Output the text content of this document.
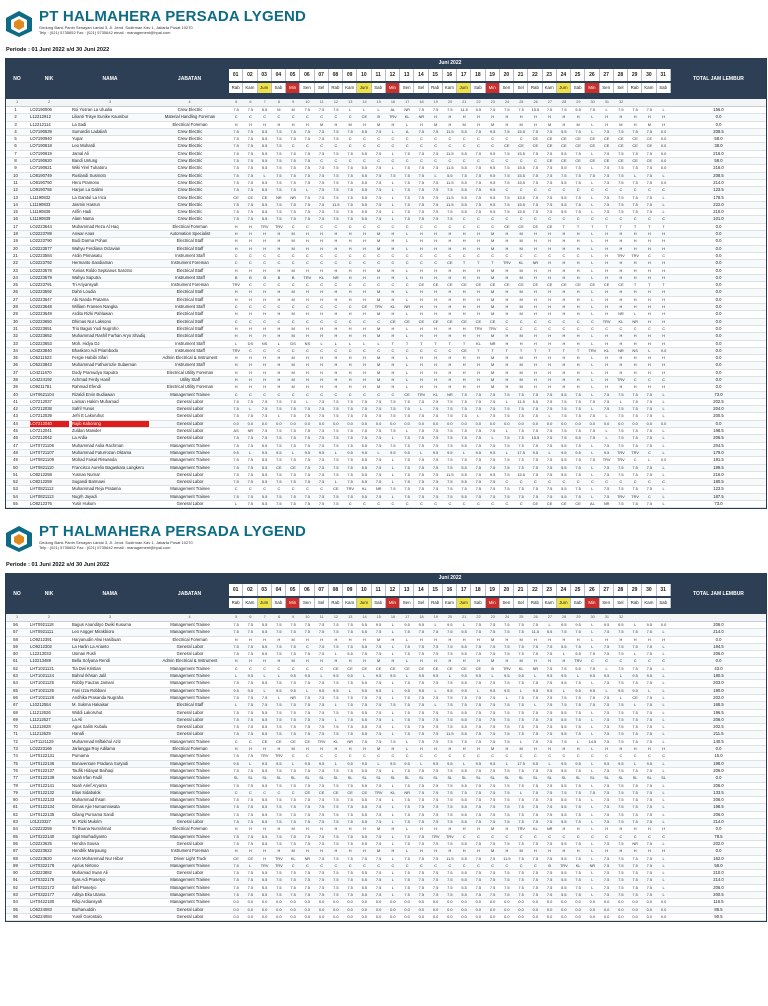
PT HALMAHERA PERSADA LYGEND
Gedung Bank Panin Senayan Lantai 3, Jl. Jend. Sudirman Kav 1, Jakarta Pusat 10270
Telp : (021) 5735652 Fax : (021) 5735642 email : management@hpal.com
Periode : 01 Juni 2022 s/d 30 Juni 2022
NO	NIK	NAMA	JABATAN
Juni 2022
01	02	03	04	05	06	07	08	09	10	11	12	13	14	15	16	17	18	19	20	21	22	23	24	25	26	27	28	29	30	31
Rab	Kam	Jum	Sab	Min	Sen	Sel	Rab	Kam	Jum	Sab	Min	Sen	Sel	Rab	Kam	Jum	Sab	Min	Sen	Sel	Rab	Kam	Jum	Sab	Min	Sen	Sel	Rab	Kam	Sab
TOTAL JAM LEMBUR
1	2	3	4	5	6	7	8	9	10	11	12	13	14	15	16	17	18	19	20	21	22	23	24	25	26	27	28	29	30	31	32
1	LO2190006	Roi Yusran La Ulualia	Crew Electric	7.5	7.5	5.5	M	M	7.5	7.5	7.5	L	L	L	AL	NR	7.5	7.5	7.5	11.5	5.5	7.5	7.5	7.5	15.5	7.5	7.5	5.5	7.5	L	7.5	7.5	7.5	L	156.0
2	L12212912	Lilianti Trisye Eunike Kaumbur	Material Handling Foreman	C	C	C	C	C	C	C	C	C	CE	B	TRV	KL	NR	H	H	H	H	H	H	H	H	H	H	H	L	H	H	H	H	H	0.0
3	L12212114	La Sadi	Electrical Foreman	H	H	H	H	H	H	M	H	M	H	M	H	L	H	M	H	M	H	M	H	M	H	M	H	M	L	H	M	H	M	H	0.0
4	LO7190539	Sumardin Ladaliah	Crew Electric	7.5	7.5	5.5	7.5	7.5	7.5	7.5	7.5	7.5	5.5	7.5	L	A	7.5	7.5	11.5	5.5	7.5	9.5	7.5	15.5	7.5	7.5	5.5	7.5	L	7.5	7.5	7.5	7.5	0.0	208.5
5	LO7190940	Yupar	Crew Electric	7.5	7.5	5.5	7.5	7.5	7.5	7.5	7.5	C	C	C	C	C	C	C	C	C	C	C	C	C	CE	CE	CE	CE	CE	CE	CE	CE	CE	0.0	58.0
6	LO7190618	Leo Muhardi	Crew Electric	7.5	7.5	5.5	7.5	C	C	C	C	C	C	C	C	C	C	C	C	C	C	C	CE	CE	CE	CE	CE	CE	CE	CE	CE	CE	CE	0.0	38.0
7	LO7190619	Jamal Ali	Crew Electric	7.5	7.5	5.5	7.5	7.5	7.5	7.5	7.5	7.5	5.5	7.5	L	7.5	7.5	7.5	11.5	5.5	7.5	9.5	7.5	15.5	7.5	7.5	5.5	7.5	L	7.5	7.5	7.5	7.5	0.0	216.0
8	LO7190620	Bandi Untung	Crew Electric	7.5	7.5	5.5	7.5	7.5	7.5	C	C	C	C	C	C	C	C	C	C	C	C	C	C	C	C	CE	CE	CE	CE	CE	CE	CE	CE	0.0	58.0
9	LO7190621	Wiki Yirel Tuhatoru	Crew Electric	7.5	7.5	5.5	7.5	7.5	7.5	7.5	7.5	7.5	5.5	7.5	L	7.5	7.5	7.5	11.5	5.5	7.5	9.5	7.5	15.5	7.5	7.5	5.5	7.5	L	7.5	7.5	7.5	7.5	0.0	216.0
10	LO8190749	Ruslandi Susmoto	Crew Electric	7.5	7.5	L	7.5	7.5	7.5	7.5	7.5	7.5	5.5	7.5	7.5	7.5	7.5	L	5.5	7.5	7.5	9.5	7.5	15.5	7.5	7.5	7.5	7.5	7.5	7.5	7.5	L	7.5	L	208.5
11	LO8190750	Heru Pramono	Crew Electric	7.5	7.5	5.5	7.5	7.5	7.5	7.5	7.5	7.5	5.5	7.5	L	7.5	7.5	7.5	11.5	5.5	7.5	9.5	7.5	15.5	7.5	7.5	5.5	7.5	L	7.5	7.5	7.5	7.5	0.0	214.0
12	LO8190755	Harjun La Dalimi	Crew Electric	7.5	7.5	5.5	7.5	7.5	L	7.5	7.5	7.5	5.5	7.5	L	7.5	7.5	7.5	7.5	5.5	7.5	9.5	C	C	C	C	C	C	C	C	C	C	C	C	123.5
13	L11190832	La Gamtul La Inca	Crew Electric	CE	CE	CE	NR	NR	7.5	7.5	7.5	7.5	5.5	7.5	L	7.5	7.5	7.5	11.5	5.5	7.5	9.5	7.5	15.5	7.5	7.5	5.5	7.5	L	7.5	7.5	7.5	7.5	L	178.5
14	L11190833	Jasmin Hasrun	Crew Electric	7.5	7.5	5.5	7.5	7.5	7.5	7.5	11.5	7.5	5.5	7.5	L	7.5	7.5	7.5	11.5	5.5	7.5	9.5	7.5	15.5	7.5	7.5	5.5	7.5	L	7.5	7.5	7.5	7.5	L	222.0
15	L11190836	Arifin Hadi	Crew Electric	7.5	7.5	5.5	7.5	7.5	7.5	7.5	7.5	7.5	5.5	7.5	L	7.5	7.5	7.5	7.5	5.5	7.5	9.5	7.5	15.5	7.5	7.5	5.5	7.5	L	7.5	7.5	7.5	7.5	L	210.0
16	L11190839	Alam Nama	Crew Electric	7.5	7.5	5.5	7.5	7.5	7.5	7.5	7.5	7.5	5.5	7.5	L	7.5	7.5	7.5	7.5	C	C	C	C	C	C	C	C	C	C	C	C	C	C	C	101.0
17	LO2223644	Muhammad Reza Al Haq	Electrical Foreman	H	H	TRV	TRV	C	C	C	C	C	C	C	C	C	C	C	C	C	C	C	CE	CE	CE	CE	T	T	T	T	T	T	T	T	0.0
18	LO2223789	Anwar Anas	Automation Specialist	H	H	H	H	M	H	H	H	H	H	M	H	L	H	H	H	H	H	M	H	M	H	H	H	H	L	H	H	H	H	H	0.0
19	LO2223790	Budi Darma Pohan	Electrical Staff	H	H	H	H	M	H	H	H	H	H	M	H	L	H	H	H	H	H	M	H	M	H	H	H	H	L	H	H	H	H	H	0.0
20	LO2223577	Wahyu Ferdiana Octavian	Electrical Staff	H	H	H	H	M	H	H	H	H	H	M	H	L	H	H	H	H	H	M	H	M	H	H	H	H	L	H	H	H	H	H	0.0
21	LO2223584	Ardin Primasatu	Instrument Staff	C	C	C	C	C	C	C	C	C	C	C	C	C	C	C	C	C	C	C	C	C	C	C	C	C	L	H	TRV	TRV	C	C	0.0
22	LO2223792	Hermanto Sandiaman	Instrument Foreman	C	C	C	C	C	C	C	C	C	C	C	C	C	C	C	CE	T	T	T	TRV	KL	NR	H	H	H	L	H	H	H	H	H	0.0
23	LO2223578	Yunias Roldo Septianus Sarotno	Electrical Staff	H	H	H	H	M	H	H	H	H	H	M	H	L	H	H	H	H	H	M	H	M	H	H	H	H	L	H	H	H	H	H	0.0
24	LO2223579	Wahyu Saputra	Instrument Staff	B	B	B	B	B	TRV	KL	NR	H	H	H	H	L	H	H	H	H	H	M	H	M	H	H	H	H	L	H	H	H	H	H	0.0
25	LO2223791	Tri Ariyansyah	Instrument Foreman	TRV	C	C	C	C	C	C	C	C	C	C	C	C	CE	CE	CE	CE	CE	CE	CE	CE	CE	CE	CE	CE	CE	CE	CE	T	T	T	0.0
26	LO2223592	Dahri Loudia	Electrical Staff	H	H	H	H	M	H	H	H	H	H	M	H	L	H	H	H	H	H	M	H	M	H	H	H	H	L	H	H	H	H	H	0.0
27	LO2223647	Abi Nanda Pratama	Electrical Staff	H	H	H	H	M	H	H	H	H	H	M	H	L	H	H	H	H	H	M	H	M	H	H	H	H	L	H	H	H	H	H	0.0
28	LO2223648	William Fransen Nangka	Instrument Staff	C	C	C	C	C	C	C	C	C	CE	TRV	KL	NR	H	H	H	H	H	M	H	M	H	H	H	H	L	H	H	H	H	H	0.0
29	LO2223649	Ardita Rizki Pahlawan	Electrical Staff	H	H	H	H	M	H	H	H	H	H	M	H	L	H	H	H	H	H	M	H	M	H	H	H	H	L	H	NR	L	H	H	0.0
30	LO2223650	Dhimas Nur Laksono	Electrical Staff	C	C	C	C	C	C	C	C	C	C	C	CE	CE	CE	CE	CE	CE	CE	CE	C	C	C	C	C	C	C	TRV	KL	NR	H	H	0.0
31	LO2223651	Trio Bagus Yudi Nugroho	Electrical Staff	H	H	H	H	M	H	H	H	H	H	M	H	L	H	H	H	H	TRV	TRV	C	C	C	C	C	C	C	C	C	C	C	C	0.0
32	LO2223652	Muhammad Rashif Farhan Aryo Shadiq	Electrical Staff	H	H	H	H	M	H	H	H	H	H	M	H	L	H	H	H	H	H	M	H	M	H	H	H	H	L	H	H	H	H	H	0.0
33	LO2223653	Moh. Hidya DJ	Instrument Staff	L	DS	NS	L	DS	NS	L	L	L	L	L	T	T	T	T	T	T	KL	NR	H	H	H	H	H	H	L	H	H	H	H	H	0.0
34	LO4223840	Bhaskoro Adi Priambodo	Instrument Staff	TRV	C	C	C	C	C	C	C	C	C	C	C	C	C	C	C	CE	T	T	T	T	T	T	T	T	TRV	KL	NR	NS	L	0.0	0.0
35	LO5211523	Fergie Habibi Sifari	Admin Electrical & Instrument	H	H	H	H	M	H	H	H	H	H	M	H	L	H	H	H	H	H	M	H	M	H	H	H	H	L	H	H	H	H	H	0.0
36	LO5223843	Muhammad Fathurrozie Sulaeman	Instrument Staff	H	H	H	H	M	H	H	H	H	H	M	H	L	H	H	H	H	H	M	H	M	H	H	H	H	L	H	H	H	H	H	0.0
37	LO4211670	Dody Pramudya Saputra	Electrical Utility Foreman	H	H	H	H	M	H	H	H	H	H	M	H	L	H	H	H	H	H	M	H	M	H	H	H	H	L	H	H	H	H	H	0.0
38	LO4224192	Achmad Ferdy Hanif	Utility Staff	H	H	H	H	M	H	H	H	H	H	M	H	L	H	H	H	H	H	M	H	M	H	H	H	H	L	H	TRV	C	C	C	0.0
39	LO9211781	Rahmad Efendi	Electrical Utility Foreman	H	H	H	H	M	H	H	H	H	H	M	H	L	H	H	H	H	H	M	H	M	H	H	H	H	L	H	H	H	H	H	0.0
40	LHT0621104	Rizaldi Ervin Budiawan	Management Trainee	C	C	C	C	C	C	C	C	C	C	C	C	CE	TRV	KL	NR	7.5	7.5	7.5	7.5	7.5	7.5	7.5	5.5	7.5	L	7.5	7.5	7.5	7.5	L	73.0
41	LO7212037	Laiman Hakim Muhamad	General Labor	7.5	7.5	7.5	7.5	7.5	L	7.5	7.5	7.5	7.5	7.5	7.5	7.5	7.5	7.5	7.5	7.5	7.5	7.5	L	11.5	5.5	7.5	7.5	7.5	7.5	7.5	L	7.5	7.5	L	202.5
42	LO7212038	Safril Yunus	General Labor	7.5	L	7.5	7.5	7.5	7.5	7.5	7.5	7.5	7.5	7.5	7.5	7.5	L	7.5	7.5	7.5	7.5	7.5	7.5	7.5	7.5	7.5	7.5	7.5	L	7.5	7.5	7.5	7.5	L	204.0
43	LO7212039	Jefri E Lakoruhut	General Labor	7.5	7.5	7.5	L	7.5	7.5	7.5	7.5	7.5	7.5	7.5	7.5	7.5	7.5	7.5	7.5	7.5	L	7.5	7.5	7.5	7.5	L	7.5	7.5	7.5	L	7.5	7.5	7.5	L	200.5
44	LO7212040	Rajib Kaborang	General Labor	0.0	0.0	0.0	0.0	0.0	0.0	0.0	0.0	0.0	0.0	0.0	0.0	0.0	0.0	0.0	0.0	0.0	0.0	0.0	0.0	0.0	0.0	0.0	0.0	0.0	0.0	0.0	0.0	0.0	0.0	0.0	0.0
45	LO7212041	Zuldan Manider	General Labor	AS	NR	7.5	7.5	7.5	7.5	7.5	7.5	7.5	7.5	7.5	7.5	L	7.5	7.5	7.5	7.5	7.5	7.5	L	7.5	7.5	7.5	7.5	7.5	7.5	L	7.5	7.5	7.5	L	198.5
46	LO7212042	La Ardia	General Labor	7.5	7.5	7.5	7.5	7.5	7.5	7.5	7.5	7.5	7.5	7.5	L	7.5	7.5	7.5	7.5	7.5	7.5	L	7.5	7.5	15.5	7.5	7.5	5.5	7.5	L	7.5	7.5	7.5	L	206.5
47	LHT0721106	Muhammad Aulia Rachman	Management Trainee	7.5	7.5	5.5	7.5	7.5	7.5	7.5	7.5	7.5	5.5	7.5	7.5	7.5	7.5	7.5	7.5	5.5	7.5	7.5	7.5	7.5	7.5	7.5	5.5	7.5	L	7.5	7.5	7.5	7.5	L	204.5
48	LHT0721107	Muhammad Faturrozan Oktama	Management Trainee	9.5	L	9.5	9.5	L	9.5	9.5	L	9.5	9.5	L	9.5	9.5	L	9.5	9.5	L	9.5	9.5	L	17.5	9.5	L	9.5	9.5	L	9.5	TRV	TRV	C	L	179.0
49	LHT0821109	Mohad Faisal Riswanda	Management Trainee	7.5	7.5	5.5	7.5	7.5	7.5	7.5	7.5	7.5	5.5	7.5	L	7.5	7.5	7.5	7.5	7.5	7.5	7.5	7.5	7.5	7.5	7.5	5.5	7.5	7.5	TRV	TRV	C	L	0.0	191.5
50	LHT0821110	Francisco Aurelio Bagaskara Langkeru	Management Trainee	7.5	7.5	5.5	CE	CE	7.5	7.5	7.5	7.5	5.5	7.5	L	7.5	7.5	7.5	7.5	5.5	7.5	7.5	7.5	7.5	7.5	7.5	5.5	7.5	L	7.5	7.5	7.5	7.5	L	199.5
51	LO8212258	Yusnan Nurnar	General Labor	7.5	7.5	5.5	7.5	7.5	7.5	7.5	7.5	7.5	5.5	7.5	L	7.5	7.5	7.5	11.5	5.5	7.5	9.5	7.5	15.5	7.5	7.5	5.5	7.5	L	7.5	7.5	7.5	7.5	L	216.0
52	LO8212259	Sugandi Barmawi	General Labor	7.5	7.5	5.5	7.5	7.5	7.5	7.5	L	7.5	5.5	7.5	L	7.5	7.5	7.5	7.5	5.5	7.5	7.5	C	C	C	C	C	C	C	C	C	C	C	C	180.5
53	LHT0821112	Muhammad Reja Pratama	Management Trainee	C	C	C	C	C	C	C	CE	TRV	KL	NR	7.5	7.5	7.5	7.5	7.5	7.5	7.5	7.5	7.5	7.5	7.5	7.5	5.5	7.5	L	7.5	7.5	7.5	7.5	L	123.5
54	LHT0821113	Nugrh Jayadi	Management Trainee	7.5	7.5	5.5	7.5	7.5	7.5	7.5	7.5	7.5	5.5	7.5	L	7.5	7.5	7.5	7.5	5.5	7.5	7.5	7.5	7.5	7.5	7.5	5.5	7.5	L	7.5	TRV	TRV	C	L	187.5
55	LO8212376	Yusir Hukum	General Labor	L	7.5	5.5	7.5	7.5	7.5	7.5	7.5	C	C	C	C	C	C	C	C	C	C	C	C	C	CE	CE	CE	CE	AL	NR	7.5	7.5	7.5	L	73.0
PT HALMAHERA PERSADA LYGEND
Gedung Bank Panin Senayan Lantai 3, Jl. Jend. Sudirman Kav 1, Jakarta Pusat 10270
Telp : (021) 5735652 Fax : (021) 5735642 email : management@hpal.com
Periode : 01 Juni 2022 s/d 30 Juni 2022
NO	NIK	NAMA	JABATAN
Juni 2022
01	02	03	04	05	06	07	08	09	10	11	12	13	14	15	16	17	18	19	20	21	22	23	24	25	26	27	28	29	30	31
Rab	Kam	Jum	Sab	Min	Sen	Sel	Rab	Kam	Jum	Sab	Min	Sen	Sel	Rab	Kam	Jum	Sab	Min	Sen	Sel	Rab	Kam	Jum	Sab	Min	Sen	Sel	Rab	Kam	Sab
TOTAL JAM LEMBUR
1	2	3	4	5	6	7	8	9	10	11	12	13	14	15	16	17	18	19	20	21	22	23	24	25	26	27	28	29	30	31	32
56	LHT0921118	Bagus Anandityo Dwiki Kusuma	Management Trainee	7.5	7.5	5.5	7.5	7.5	7.5	7.5	7.5	7.5	5.5	9.5	L	9.5	9.5	L	9.5	L	7.5	7.5	7.5	7.5	7.5	L	9.5	9.5	L	9.5	9.5	L	9.5	0.0	206.0
57	LHT0921111	Leo Angger Mirakbiora	Management Trainee	7.5	7.5	5.5	7.5	7.5	7.5	7.5	7.5	7.5	5.5	7.5	L	7.5	7.5	7.5	7.5	5.5	7.5	7.5	7.5	7.5	11.5	5.5	7.5	7.5	L	7.5	7.5	7.5	7.5	L	214.0
58	LO9212391	Haryanudin Alwi Hasibuan	Electrical Foreman	H	H	H	H	M	H	H	H	H	H	M	H	L	H	H	H	H	H	M	H	M	H	H	H	H	L	H	H	H	H	H	0.0
59	LO9212302	La Harlin La Arianto	General Labor	7.5	7.5	5.5	7.5	7.5	C	7.5	7.5	7.5	5.5	7.5	L	7.5	7.5	7.5	7.5	5.5	7.5	7.5	7.5	7.5	7.5	7.5	5.5	7.5	L	7.5	7.5	7.5	7.5	L	194.5
60	L12213033	Usman Rusli	General Labor	7.5	7.5	5.5	7.5	7.5	7.5	7.5	L	5.5	7.5	7.5	L	7.5	7.5	7.5	7.5	5.5	7.5	7.5	7.5	7.5	7.5	7.5	L	5.5	7.5	7.5	7.5	L	7.5	L	206.0
61	L10213489	Bella Sofyana Rendi	Admin Electrical & Instrument	H	H	H	H	M	H	H	H	H	H	M	H	L	H	H	H	H	H	M	H	M	H	H	H	TRV	C	C	C	C	C	C	0.0
62	LHT1021121	Tia Dwi Kristian	Management Trainee	C	C	C	C	C	C	C	CE	CE	CE	CE	CE	CE	CE	CE	CE	CE	CE	B	TRV	KL	NR	7.5	7.5	5.5	7.5	L	7.5	7.5	7.5	L	43.0
63	LHT1021124	Bahrul Ikhsan Jalil	Management Trainee	L	9.5	L	L	9.5	9.5	L	9.5	9.5	L	9.5	9.5	L	9.5	9.5	L	9.5	9.5	L	9.5	9.5	L	9.5	9.5	L	9.5	9.5	L	9.5	9.5	L	180.5
64	LHT1021125	Robby Fauzan Jamani	Management Trainee	7.5	7.5	5.5	7.5	7.5	7.5	7.5	7.5	7.5	5.5	7.5	L	7.5	7.5	7.5	7.5	5.5	7.5	7.5	7.5	7.5	7.5	7.5	5.5	7.5	L	7.5	7.5	7.5	7.5	L	203.0
65	LHT1021126	Fani Izza Robbani	Management Trainee	9.5	9.5	L	9.5	9.5	L	9.5	9.5	L	9.5	9.5	L	9.5	9.5	L	9.5	9.5	L	9.5	9.5	L	9.5	9.5	L	9.5	9.5	L	9.5	9.5	L	L	190.0
66	LHT1021128	Andhika Prasanda Nugraha	Management Trainee	7.5	7.5	7.5	L	NR	7.5	7.5	7.5	7.5	7.5	7.5	L	7.5	7.5	7.5	7.5	7.5	7.5	7.5	L	7.5	7.5	7.5	7.5	7.5	7.5	7.5	L	CE	7.5	L	202.0
67	L10212554	M. Sukma Hakaisar	Electrical Staff	L	7.5	7.5	7.5	7.5	7.5	7.5	L	7.5	7.5	7.5	7.5	7.5	7.5	L	7.5	7.5	7.5	7.5	7.5	7.5	L	7.5	7.5	7.5	7.5	7.5	7.5	L	7.5	L	168.5
68	L11212626	Widdi Lakoruhut	General Labor	7.5	7.5	5.5	7.5	7.5	7.5	7.5	7.5	7.5	5.5	7.5	L	7.5	7.5	7.5	7.5	5.5	7.5	7.5	7.5	7.5	7.5	7.5	5.5	7.5	L	7.5	7.5	7.5	7.5	L	196.5
69	L11212627	La Ali	General Labor	7.5	7.5	5.5	7.5	7.5	7.5	7.5	L	7.5	5.5	7.5	L	7.5	7.5	7.5	7.5	5.5	7.5	7.5	7.5	7.5	7.5	7.5	5.5	7.5	L	7.5	7.5	7.5	7.5	L	206.0
70	L11212628	Agus Salim Kubalu	General Labor	7.5	7.5	5.5	7.5	7.5	7.5	7.5	7.5	7.5	5.5	7.5	L	7.5	7.5	7.5	7.5	5.5	7.5	7.5	7.5	7.5	7.5	7.5	5.5	7.5	L	7.5	7.5	7.5	7.5	L	202.5
71	L11212629	Hanafi	General Labor	7.5	7.5	5.5	7.5	7.5	7.5	7.5	7.5	7.5	5.5	7.5	L	7.5	7.5	7.5	11.5	5.5	7.5	7.5	7.5	7.5	7.5	7.5	5.5	7.5	L	7.5	7.5	7.5	7.5	L	211.5
72	LHT1121129	Muhammad Miftakhul Aziz	Management Trainee	C	C	CE	CE	CE	CE	TRV	KL	NR	7.5	7.5	7.5	L	7.5	7.5	7.5	7.5	7.5	7.5	7.5	L	7.5	7.5	7.5	L	14.5	7.5	7.5	7.5	7.5	L	140.5
73	LO2223166	Jarlangga Roy Adilama	Electrical Foreman	H	H	H	H	M	H	H	H	H	H	M	H	L	H	H	H	H	H	M	H	M	H	H	H	H	L	H	H	H	H	H	0.0
74	LHT0122131	Purnama	Management Trainee	7.5	7.5	TRV	TRV	C	C	C	C	C	C	C	C	C	C	C	C	C	C	C	C	C	C	C	C	C	C	C	C	C	C	C	15.0
75	LHT0122136	Bonaventure Pradana Suryadi	Management Trainee	9.5	L	9.5	9.5	L	9.5	9.5	L	9.5	9.5	L	9.5	9.5	L	9.5	9.5	L	9.5	9.5	L	17.5	9.5	L	9.5	9.5	L	9.5	9.5	L	9.5	L	198.0
76	LHT0122137	Taufik Hidayat Baihaqi	Management Trainee	7.5	7.5	5.5	7.5	7.5	7.5	7.5	7.5	7.5	5.5	7.5	L	7.5	7.5	7.5	7.5	5.5	7.5	7.5	7.5	7.5	7.5	7.5	5.5	7.5	L	7.5	7.5	7.5	7.5	L	206.0
77	LHT0122139	Noah Irfan Fadil	Management Trainee	SL	SL	SL	SL	SL	SL	SL	SL	SL	SL	SL	SL	SL	SL	SL	SL	SL	SL	SL	SL	SL	SL	SL	SL	SL	SL	SL	SL	SL	SL	SL	0.0
78	LHT0122141	Noah Arief Aryanto	Management Trainee	7.5	7.5	5.5	7.5	7.5	7.5	7.5	7.5	7.5	5.5	7.5	L	7.5	7.5	7.5	7.5	5.5	7.5	7.5	7.5	7.5	7.5	7.5	5.5	7.5	L	7.5	7.5	7.5	7.5	L	206.0
79	LHT0122132	Elias Sidabalok	Management Trainee	C	C	C	C	C	CE	CE	CE	CE	CE	TRV	KL	NR	7.5	7.5	7.5	7.5	7.5	7.5	7.5	L	7.5	7.5	7.5	7.5	7.5	7.5	7.5	7.5	7.5	L	133.5
80	LHT0122133	Muhammad Ihsan	Management Trainee	7.5	7.5	5.5	7.5	7.5	7.5	7.5	7.5	7.5	5.5	7.5	L	7.5	7.5	7.5	7.5	5.5	7.5	7.5	7.5	7.5	7.5	7.5	5.5	7.5	L	7.5	7.5	7.5	7.5	L	206.0
81	LHT0122134	Dimas Ajie Humamniwata	Management Trainee	7.5	7.5	5.5	7.5	7.5	7.5	7.5	7.5	7.5	5.5	7.5	L	7.5	7.5	7.5	7.5	5.5	7.5	7.5	7.5	7.5	7.5	7.5	5.5	7.5	L	7.5	7.5	7.5	7.5	L	198.5
82	LHT0122135	Gilang Purnama Sandi	Management Trainee	7.5	7.5	5.5	7.5	7.5	7.5	7.5	7.5	7.5	5.5	7.5	L	7.5	7.5	7.5	7.5	5.5	7.5	7.5	7.5	7.5	7.5	7.5	5.5	7.5	L	7.5	7.5	7.5	7.5	L	206.0
83	L01223327	M. Rizki Mukrim	General Labor	7.5	7.5	5.5	7.5	7.5	7.5	7.5	7.5	7.5	5.5	7.5	L	7.5	7.5	7.5	7.5	5.5	7.5	7.5	7.5	7.5	7.5	7.5	5.5	7.5	L	7.5	7.5	7.5	7.5	L	214.0
84	LO2223259	Tri Buana Nurrahmat	Electrical Foreman	H	H	H	H	M	H	H	H	H	H	M	H	L	H	H	H	H	H	M	H	TRV	KL	NR	H	H	L	H	H	H	H	H	0.0
85	LHT0222140	Sigit Murhadiyanto	Management Trainee	7.5	7.5	5.5	7.5	7.5	7.5	7.5	7.5	7.5	5.5	7.5	L	7.5	7.5	TRV	TRV	C	C	C	C	C	C	C	C	C	C	C	C	C	C	C	78.5
86	LO2223625	Hendra Sousa	General Labor	7.5	7.5	5.5	7.5	7.5	7.5	7.5	7.5	7.5	5.5	7.5	L	7.5	7.5	7.5	7.5	5.5	7.5	7.5	7.5	7.5	7.5	7.5	5.5	7.5	L	7.5	7.5	NR	7.5	L	202.0
87	LO2223622	Hendrik Marpaung	Instrument Foreman	H	H	H	H	M	H	H	H	H	H	M	H	L	H	H	H	H	H	M	H	M	H	H	H	H	L	H	H	H	H	H	0.0
88	LO2223620	Aron Mohammad Nur Hibar	Driver Light Truck	CE	CE	H	TRV	KL	NR	7.5	7.5	7.5	7.5	7.5	L	7.5	7.5	7.5	11.5	5.5	7.5	7.5	11.5	7.5	7.5	7.5	5.5	7.5	L	7.5	7.5	7.5	7.5	L	162.0
89	LHT0322178	Aprius Nirtono	Management Trainee	7.5	L	TRV	TRV	C	C	C	C	C	C	C	C	C	C	C	C	C	C	C	C	C	C	B	TRV	KL	NR	7.5	7.5	7.5	7.5	L	58.0
90	LO3223882	Muhamad Irwan Ali	General Labor	7.5	7.5	5.5	7.5	7.5	7.5	7.5	7.5	7.5	5.5	7.5	L	7.5	7.5	7.5	7.5	5.5	7.5	7.5	7.5	7.5	7.5	7.5	5.5	7.5	L	7.5	7.5	7.5	7.5	L	210.0
91	LHT0322176	Ilyas Adi Prasetyo	Management Trainee	7.5	7.5	5.5	7.5	7.5	7.5	7.5	7.5	7.5	5.5	7.5	L	7.5	7.5	7.5	7.5	5.5	7.5	7.5	7.5	7.5	7.5	7.5	5.5	7.5	L	7.5	7.5	7.5	7.5	L	214.0
92	LHT0322172	Ilaft Prasetyo	Management Trainee	7.5	7.5	5.5	7.5	7.5	7.5	7.5	7.5	7.5	5.5	7.5	L	7.5	7.5	7.5	7.5	5.5	7.5	7.5	7.5	7.5	7.5	7.5	5.5	7.5	L	7.5	7.5	7.5	7.5	L	206.0
93	LHT0322177	Aditya Eka Utama	Management Trainee	7.5	7.5	5.5	7.5	7.5	7.5	7.5	7.5	7.5	5.5	7.5	L	7.5	7.5	7.5	7.5	5.5	7.5	7.5	7.5	7.5	7.5	7.5	5.5	7.5	L	7.5	7.5	7.5	7.5	L	200.5
94	LHT0422180	Rifqi Ardiansyah	Management Trainee	0.0	0.0	0.0	0.0	0.0	0.0	0.0	0.0	0.0	0.0	0.0	0.0	0.0	0.0	0.0	0.0	0.0	0.0	0.0	0.0	0.0	0.0	0.0	0.0	0.0	0.0	0.0	0.0	0.0	0.0	0.0	116.5
95	LO6224083	Burhanuddin	General Labor	0.0	0.0	0.0	0.0	0.0	0.0	0.0	0.0	0.0	0.0	0.0	0.0	0.0	0.0	0.0	0.0	0.0	0.0	0.0	0.0	0.0	0.0	0.0	0.0	0.0	0.0	0.0	0.0	0.0	0.0	0.0	88.5
96	LO6224084	Yusril Gorontalo	General Labor	0.0	0.0	0.0	0.0	0.0	0.0	0.0	0.0	0.0	0.0	0.0	0.0	0.0	0.0	0.0	0.0	0.0	0.0	0.0	0.0	0.0	0.0	0.0	0.0	0.0	0.0	0.0	0.0	0.0	0.0	0.0	90.5
